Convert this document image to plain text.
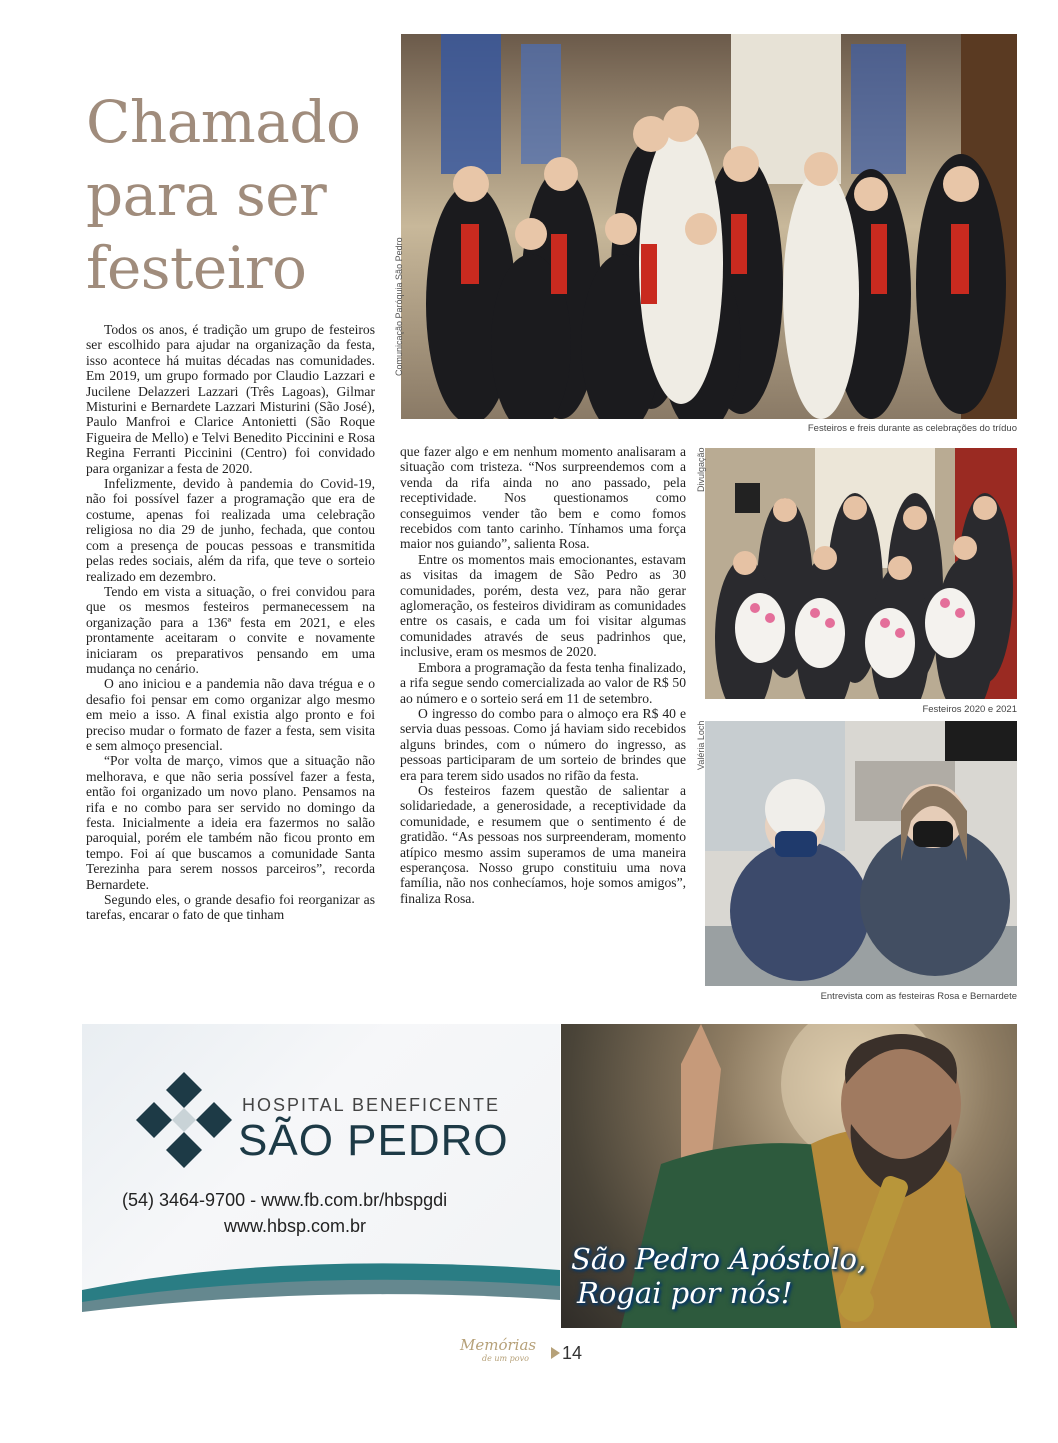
Chamado
para ser
festeiro

Todos os anos, é tradição um grupo de festeiros ser escolhido para ajudar na organização da festa, isso acontece há muitas décadas nas comunidades. Em 2019, um grupo formado por Claudio Lazzari e Jucilene Delazzeri Lazzari (Três Lagoas), Gilmar Misturini e Bernardete Lazzari Misturini (São José), Paulo Manfroi e Clarice Antonietti (São Roque Figueira de Mello) e Telvi Benedito Piccinini e Rosa Regina Ferranti Piccinini (Centro) foi convidado para organizar a festa de 2020.

Infelizmente, devido à pandemia do Covid-19, não foi possível fazer a programação que era de costume, apenas foi realizada uma celebração religiosa no dia 29 de junho, fechada, que contou com a presença de poucas pessoas e transmitida pelas redes sociais, além da rifa, que teve o sorteio realizado em dezembro.

Tendo em vista a situação, o frei convidou para que os mesmos festeiros permanecessem na organização para a 136ª festa em 2021, e eles prontamente aceitaram o convite e novamente iniciaram os preparativos pensando em uma mudança no cenário.

O ano iniciou e a pandemia não dava trégua e o desafio foi pensar em como organizar algo mesmo em meio a isso. A final existia algo pronto e foi preciso mudar o formato de fazer a festa, sem visita e sem almoço presencial.

“Por volta de março, vimos que a situação não melhorava, e que não seria possível fazer a festa, então foi organizado um novo plano. Pensamos na rifa e no combo para ser servido no domingo da festa. Inicialmente a ideia era fazermos no salão paroquial, porém ele também não ficou pronto em tempo. Foi aí que buscamos a comunidade Santa Terezinha para serem nossos parceiros”, recorda Bernardete.

Segundo eles, o grande desafio foi reorganizar as tarefas, encarar o fato de que tinham

que fazer algo e em nenhum momento analisaram a situação com tristeza. “Nos surpreendemos com a venda da rifa ainda no ano passado, pela receptividade. Nos questionamos como conseguimos vender tão bem e como fomos recebidos com tanto carinho. Tínhamos uma força maior nos guiando”, salienta Rosa.

Entre os momentos mais emocionantes, estavam as visitas da imagem de São Pedro as 30 comunidades, porém, desta vez, para não gerar aglomeração, os festeiros dividiram as comunidades entre os casais, e cada um foi visitar algumas comunidades através de seus padrinhos que, inclusive, eram os mesmos de 2020.

Embora a programação da festa tenha finalizado, a rifa segue sendo comercializada ao valor de R$ 50 ao número e o sorteio será em 11 de setembro.

O ingresso do combo para o almoço era R$ 40 e servia duas pessoas. Como já haviam sido recebidos alguns brindes, com o número do ingresso, as pessoas participaram de um sorteio de brindes que era para terem sido usados no rifão da festa.

Os festeiros fazem questão de salientar a solidariedade, a generosidade, a receptividade da comunidade, e resumem que o sentimento é de gratidão. “As pessoas nos surpreenderam, momento atípico mesmo assim superamos de uma maneira esperançosa. Nosso grupo constituiu uma nova família, não nos conhecíamos, hoje somos amigos”, finaliza Rosa.

Comunicação Paróquia São Pedro
Festeiros e freis durante as celebrações do tríduo
Divulgação
Festeiros 2020 e 2021
Valéria Loch
Entrevista com as festeiras Rosa e Bernardete
HOSPITAL BENEFICENTE
SÃO PEDRO
(54) 3464-9700 - www.fb.com.br/hbspgdi
www.hbsp.com.br
São Pedro Apóstolo,
Rogai por nós!
Memórias
de um povo	14
